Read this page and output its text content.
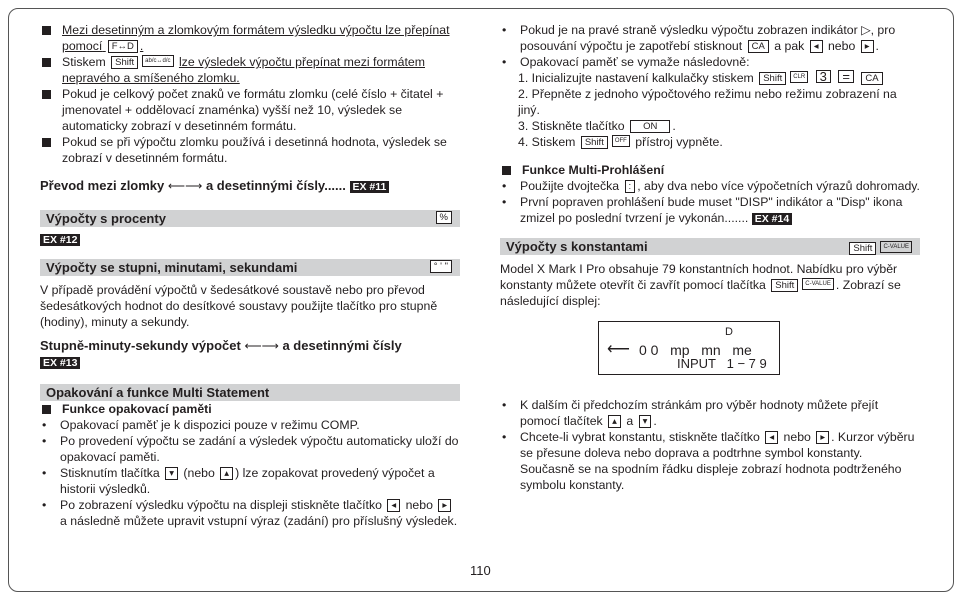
Mezi desetinným a zlomkovým formátem výsledku výpočtu lze přepínat pomocí F↔D .
Stiskem Shift ab/c↔d/c lze výsledek výpočtu přepínat mezi formátem nepravého a smíšeného zlomku.
Pokud je celkový počet znaků ve formátu zlomku (celé číslo + čitatel + jmenovatel + oddělovací znaménka) vyšší než 10, výsledek se automaticky zobrazí v desetinném formátu.
Pokud se při výpočtu zlomku používá i desetinná hodnota, výsledek se zobrazí v desetinném formátu.
Převod mezi zlomky ⟵⟶ a desetinnými čísly...... EX #11
Výpočty s procenty	%
EX #12
Výpočty se stupni, minutami, sekundami	° ' "
V případě provádění výpočtů v šedesátkové soustavě nebo pro převod šedesátkových hodnot do desítkové soustavy použijte tlačítko pro stupně (hodiny), minuty a sekundy.
Stupně-minuty-sekundy výpočet ⟵⟶ a desetinnými čísly
EX #13
Opakování a funkce Multi Statement
Funkce opakovací paměti
• Opakovací paměť je k dispozici pouze v režimu COMP.
• Po provedení výpočtu se zadání a výsledek výpočtu automaticky uloží do opakovací paměti.
• Stisknutím tlačítka ▾ (nebo ▴ ) lze zopakovat provedený výpočet a historii výsledků.
• Po zobrazení výsledku výpočtu na displeji stiskněte tlačítko ◂ nebo ▸ a následně můžete upravit vstupní výraz (zadání) pro příslušný výsledek.
• Pokud je na pravé straně výsledku výpočtu zobrazen indikátor ▷, pro posouvání výpočtu je zapotřebí stisknout CA a pak ◂ nebo ▸ .
• Opakovací paměť se vymaže následovně:
1. Inicializujte nastavení kalkulačky stiskem Shift CLR 3 = CA
2. Přepněte z jednoho výpočtového režimu nebo režimu zobrazení na jiný.
3. Stiskněte tlačítko ON .
4. Stiskem Shift OFF přístroj vypněte.
Funkce Multi-Prohlášení
• Použijte dvojtečka : , aby dva nebo více výpočetních výrazů dohromady.
• První popraven prohlášení bude muset "DISP" indikátor a "Disp" ikona zmizel po poslední tvrzení je vykonán....... EX #14
Výpočty s konstantami	Shift C-VALUE
Model X Mark I Pro obsahuje 79 konstantních hodnot. Nabídku pro výběr konstanty můžete otevřít či zavřít pomocí tlačítka Shift C-VALUE . Zobrazí se následující displej:
D
⟵ 0 0   mp   mn   me
INPUT   1 − 7 9
• K dalším či předchozím stránkám pro výběr hodnoty můžete přejít pomocí tlačítek ▴ a ▾ .
• Chcete-li vybrat konstantu, stiskněte tlačítko ◂ nebo ▸ . Kurzor výběru se přesune doleva nebo doprava a podtrhne symbol konstanty. Současně se na spodním řádku displeje zobrazí hodnota podtrženého symbolu konstanty.
110
